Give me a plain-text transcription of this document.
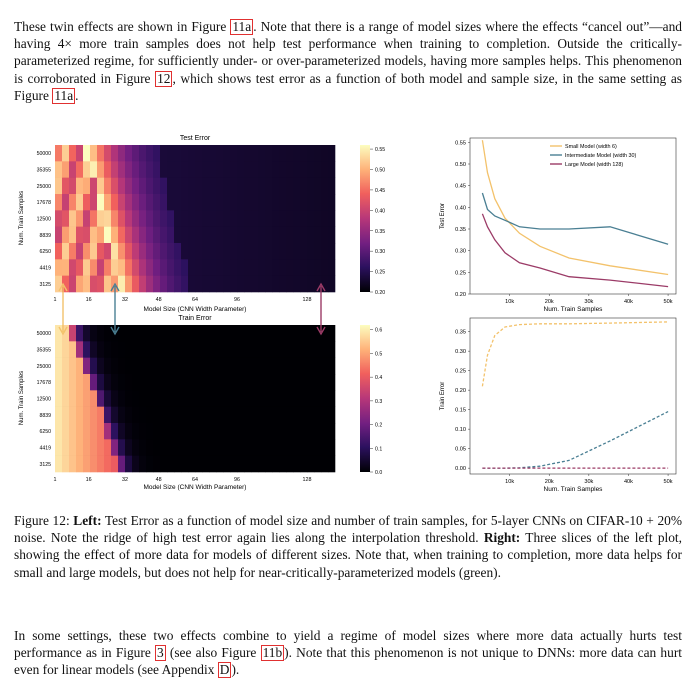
These twin effects are shown in Figure 11a . Note that there is a range of model sizes where the effects “cancel out”—and having 4× more train samples does not help test performance when training to completion. Outside the critically-parameterized regime, for sufficiently under- or over-parameterized models, having more samples helps. This phenomenon is corroborated in Figure 12 , which shows test error as a function of both model and sample size, in the same setting as Figure 11a .
Test Error
50000
35355
25000
17678
12500
8839
6250
4419
3125
Num. Train Samples
1	16	32	48	64	96	128
Model Size (CNN Width Parameter)
0.55
0.50
0.45
0.40
0.35
0.30
0.25
0.20
Train Error
50000
35355
25000
17678
12500
8839
6250
4419
3125
Num. Train Samples
1	16	32	48	64	96	128
Model Size (CNN Width Parameter)
0.6
0.5
0.4
0.3
0.2
0.1
0.0
0.20
0.25
0.30
0.35
0.40
0.45
0.50
0.55
10k	20k	30k	40k	50k
Test Error
Num. Train Samples
Small Model (width 6)
Intermediate Model (width 30)
Large Model (width 128)
0.00
0.05
0.10
0.15
0.20
0.25
0.30
0.35
10k	20k	30k	40k	50k
Train Error
Num. Train Samples
Figure 12: Left: Test Error as a function of model size and number of train samples, for 5-layer CNNs on CIFAR-10 + 20% noise. Note the ridge of high test error again lies along the interpolation threshold. Right: Three slices of the left plot, showing the effect of more data for models of different sizes. Note that, when training to completion, more data helps for small and large models, but does not help for near-critically-parameterized models (green).
In some settings, these two effects combine to yield a regime of model sizes where more data actually hurts test performance as in Figure 3 (see also Figure 11b ). Note that this phenomenon is not unique to DNNs: more data can hurt even for linear models (see Appendix D ).
